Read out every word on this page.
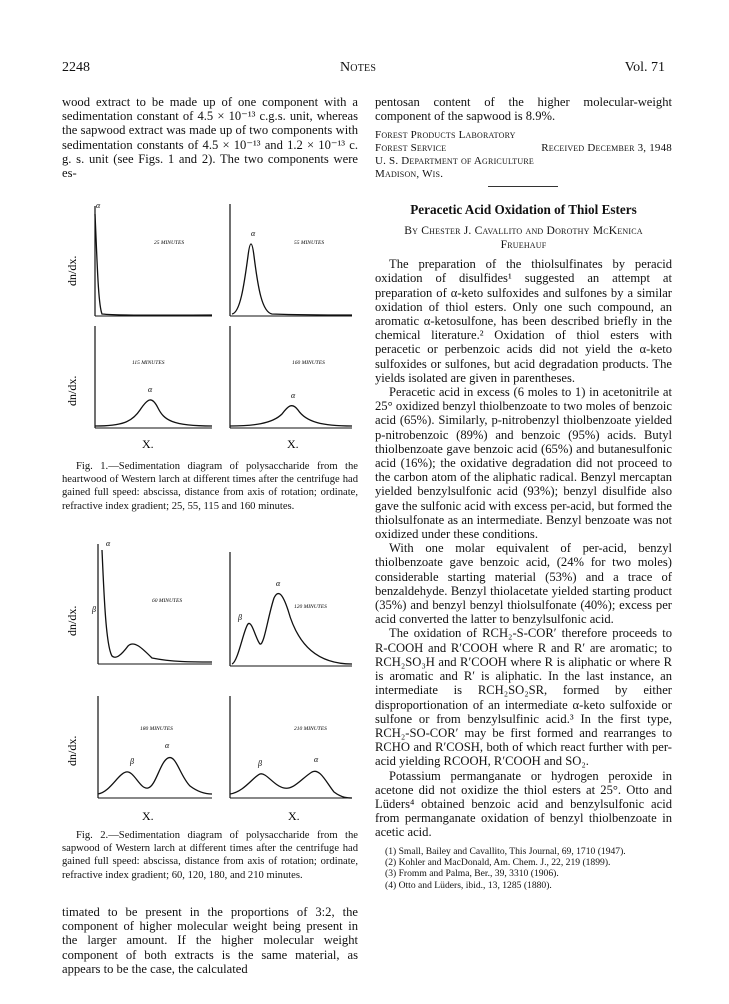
2248	Notes	Vol. 71

wood extract to be made up of one component with a sedimentation constant of 4.5 × 10⁻¹³ c.g.s. unit, whereas the sapwood extract was made up of two components with sedimentation constants of 4.5 × 10⁻¹³ and 1.2 × 10⁻¹³ c. g. s. unit (see Figs. 1 and 2). The two components were es-

dn/dx.
dn/dx.
α
25 MINUTES
α
55 MINUTES
α
115 MINUTES
α
160 MINUTES
X.	X.
Fig. 1.—Sedimentation diagram of polysaccharide from the heartwood of Western larch at different times after the centrifuge had gained full speed: abscissa, distance from axis of rotation; ordinate, refractive index gradient; 25, 55, 115 and 160 minutes.
dn/dx.
dn/dx.
α
β
60 MINUTES
α
β
120 MINUTES
β
α
180 MINUTES
β	α
210 MINUTES
X.	X.
Fig. 2.—Sedimentation diagram of polysaccharide from the sapwood of Western larch at different times after the centrifuge had gained full speed: abscissa, distance from axis of rotation; ordinate, refractive index gradient; 60, 120, 180, and 210 minutes.

timated to be present in the proportions of 3:2, the component of higher molecular weight being present in the larger amount. If the higher molecular weight component of both extracts is the same material, as appears to be the case, the calculated

pentosan content of the higher molecular-weight component of the sapwood is 8.9%.

Forest Products Laboratory
Forest Service	Received December 3, 1948
U. S. Department of Agriculture
Madison, Wis.
Peracetic Acid Oxidation of Thiol Esters
By Chester J. Cavallito and Dorothy McKenica
Fruehauf

The preparation of the thiolsulfinates by peracid oxidation of disulfides¹ suggested an attempt at preparation of α-keto sulfoxides and sulfones by a similar oxidation of thiol esters. Only one such compound, an aromatic α-ketosulfone, has been described briefly in the chemical literature.² Oxidation of thiol esters with peracetic or perbenzoic acids did not yield the α-keto sulfoxides or sulfones, but acid degradation products. The yields isolated are given in parentheses.

Peracetic acid in excess (6 moles to 1) in acetonitrile at 25° oxidized benzyl thiolbenzoate to two moles of benzoic acid (65%). Similarly, p-nitrobenzyl thiolbenzoate yielded p-nitrobenzoic (89%) and benzoic (95%) acids. Butyl thiolbenzoate gave benzoic acid (65%) and butanesulfonic acid (16%); the oxidative degradation did not proceed to the carbon atom of the aliphatic radical. Benzyl mercaptan yielded benzylsulfonic acid (93%); benzyl disulfide also gave the sulfonic acid with excess per-acid, but formed the thiolsulfonate as an intermediate. Benzyl benzoate was not oxidized under these conditions.

With one molar equivalent of per-acid, benzyl thiolbenzoate gave benzoic acid, (24% for two moles) considerable starting material (53%) and a trace of benzaldehyde. Benzyl thiolacetate yielded starting product (35%) and benzyl benzyl thiolsulfonate (40%); excess per acid converted the latter to benzylsulfonic acid.

The oxidation of RCH₂-S-COR′ therefore proceeds to R-COOH and R′COOH where R and R′ are aromatic; to RCH₂SO₃H and R′COOH where R is aliphatic or where R is aromatic and R′ is aliphatic. In the last instance, an intermediate is RCH₂SO₂SR, formed by either disproportionation of an intermediate α-keto sulfoxide or sulfone or from benzylsulfinic acid.³ In the first type, RCH₂-SO-COR′ may be first formed and rearranges to RCHO and R′COSH, both of which react further with per-acid yielding RCOOH, R′COOH and SO₂.

Potassium permanganate or hydrogen peroxide in acetone did not oxidize the thiol esters at 25°. Otto and Lüders⁴ obtained benzoic acid and benzylsulfonic acid from permanganate oxidation of benzyl thiolbenzoate in acetic acid.

(1) Small, Bailey and Cavallito, This Journal, 69, 1710 (1947).
(2) Kohler and MacDonald, Am. Chem. J., 22, 219 (1899).
(3) Fromm and Palma, Ber., 39, 3310 (1906).
(4) Otto and Lüders, ibid., 13, 1285 (1880).
